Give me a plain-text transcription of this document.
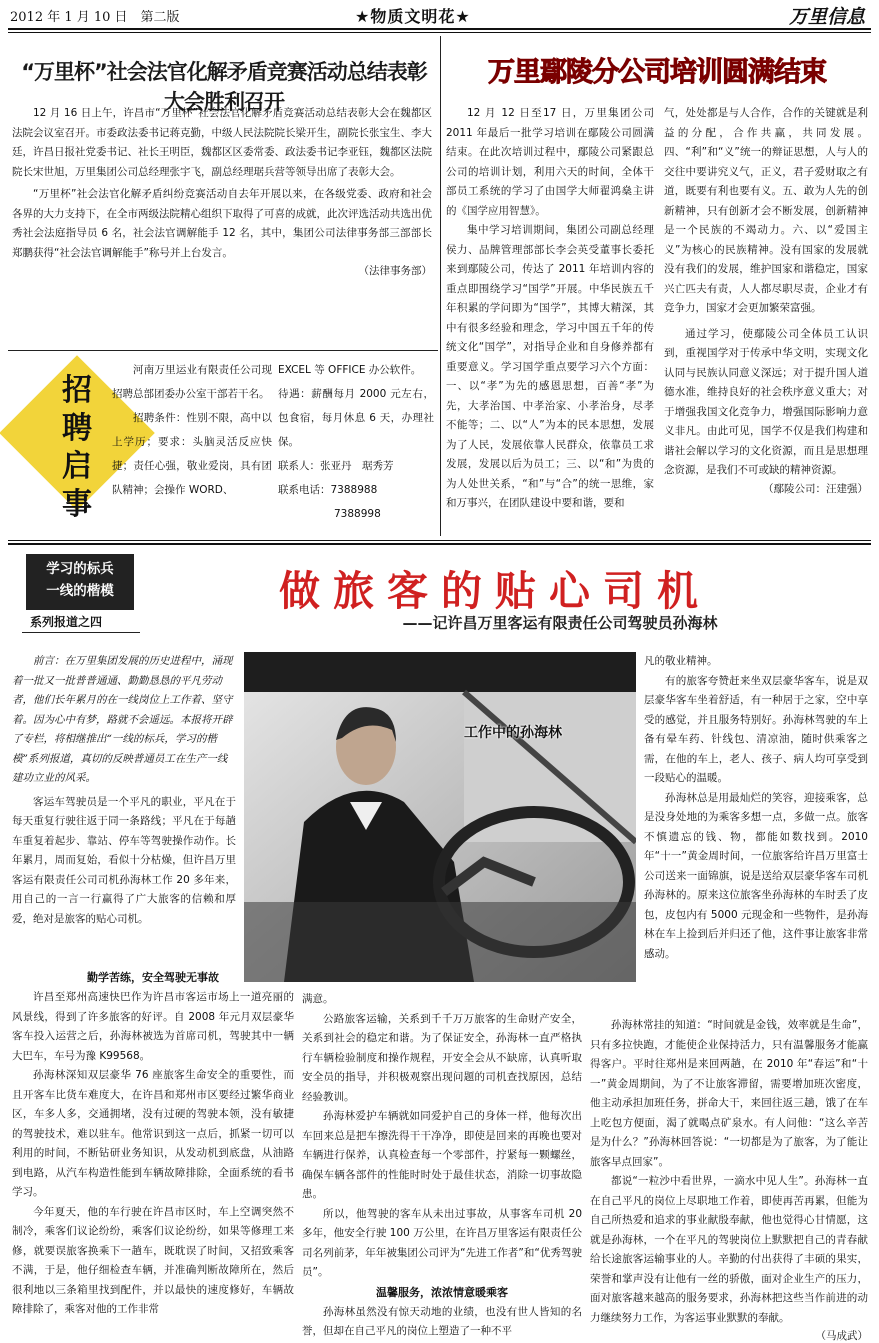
2012 年 1 月 10 日　第二版	★物质文明花★	万里信息
“万里杯”社会法官化解矛盾竞赛活动总结表彰大会胜利召开

12 月 16 日上午，许昌市“万里杯”社会法官化解矛盾竞赛活动总结表彰大会在魏都区法院会议室召开。市委政法委书记蒋克勤，中级人民法院院长梁开生，副院长张宝生、李大廷，许昌日报社党委书记、社长王明臣，魏都区区委常委、政法委书记李亚钰，魏都区法院院长宋世旭，万里集团公司总经理张宇飞，副总经理琚兵营等领导出席了表彰大会。

“万里杯”社会法官化解矛盾纠纷竞赛活动自去年开展以来，在各级党委、政府和社会各界的大力支持下，在全市两级法院精心组织下取得了可喜的成就，此次评选活动共选出优秀社会法庭指导员 6 名，社会法官调解能手 12 名，其中，集团公司法律事务部三部部长郑鹏获得“社会法官调解能手”称号并上台发言。

（法律事务部）
招
聘
启
事

河南万里运业有限责任公司现招聘总部团委办公室干部若干名。

招聘条件：性别不限，高中以上学历；要求：头脑灵活反应快捷；责任心强，敬业爱岗，具有团队精神；会操作 WORD、

EXCEL 等 OFFICE 办公软件。

待遇：薪酬每月 2000 元左右，包食宿，每月休息 6 天，办理社保。

联系人：张亚丹　琚秀芳

联系电话：7388988

7388998

万里鄢陵分公司培训圆满结束

12 月 12 日至17 日，万里集团公司 2011 年最后一批学习培训在鄢陵公司圆满结束。在此次培训过程中，鄢陵公司紧跟总公司的培训计划，利用六天的时间，全体干部员工系统的学习了由国学大师翟鸿燊主讲的《国学应用智慧》。

集中学习培训期间，集团公司副总经理侯力、品牌管理部部长李会英受董事长委托来到鄢陵公司，传达了 2011 年培训内容的重点即围绕学习“国学”开展。中华民族五千年积累的学问即为“国学”，其博大精深，其中有很多经验和理念，学习中国五千年的传统文化“国学”，对指导企业和自身修养都有重要意义。学习国学重点要学习六个方面：一、以“孝”为先的感恩思想，百善“孝”为先，大孝治国、中孝治家、小孝治身，尽孝不能等；二、以“人”为本的民本思想，发展为了人民，发展依靠人民群众，依靠员工求发展，发展以后为员工；三、以“和”为贵的为人处世关系，“和”与“合”的统一思维，家和万事兴，在团队建设中要和谐，要和

气，处处都是与人合作，合作的关键就是利益的分配，合作共赢，共同发展。四、“利”和“义”统一的辩证思想，人与人的交往中要讲究义气，正义，君子爱财取之有道，既要有利也要有义。五、敢为人先的创新精神，只有创新才会不断发展，创新精神是一个民族的不竭动力。六、以“爱国主义”为核心的民族精神。没有国家的发展就没有我们的发展，维护国家和谐稳定，国家兴亡匹夫有责，人人都尽职尽责，企业才有竞争力，国家才会更加繁荣富强。

通过学习，使鄢陵公司全体员工认识到，重视国学对于传承中华文明，实现文化认同与民族认同意义深远；对于提升国人道德水准，维持良好的社会秩序意义重大；对于增强我国文化竞争力，增强国际影响力意义非凡。由此可见，国学不仅是我们构建和谐社会解以学习的文化资源，而且是思想理念资源，是我们不可或缺的精神资源。

（鄢陵公司：汪建强）
学习的标兵
一线的楷模
系列报道之四
做旅客的贴心司机
——记许昌万里客运有限责任公司驾驶员孙海林
工作中的孙海林

前言：在万里集团发展的历史进程中，涌现着一批又一批普普通通、勤勤恳恳的平凡劳动者，他们长年累月的在一线岗位上工作着、坚守着。因为心中有梦，路就不会遥远。本报将开辟了专栏，将相继推出“一线的标兵，学习的楷模”系列报道，真切的反映普通员工在生产一线建功立业的风采。

客运车驾驶员是一个平凡的职业，平凡在于每天重复行驶往返于同一条路线；平凡在于每趟车重复着起步、靠站、停车等驾驶操作动作。长年累月，周而复始，看似十分枯燥，但许昌万里客运有限责任公司司机孙海林工作 20 多年来，用自己的一言一行赢得了广大旅客的信赖和厚爱，绝对是旅客的贴心司机。

凡的敬业精神。

有的旅客夸赞赶来坐双层豪华客车，说是双层豪华客车坐着舒适，有一种居于之家，空中享受的感觉，并且服务特别好。孙海林驾驶的车上备有晕车药、针线包、清凉油，随时供乘客之需，在他的车上，老人、孩子、病人均可享受到一段贴心的温暖。

孙海林总是用最灿烂的笑容，迎接乘客，总是没身处地的为乘客多想一点，多做一点。旅客不慎遗忘的钱、物，都能如数找到。2010 年“十一”黄金周时间，一位旅客给许昌万里富士公司送来一面锦旗，说是送给双层豪华客车司机孙海林的。原来这位旅客坐孙海林的车时丢了皮包，皮包内有 5000 元现金和一些物件，是孙海林在车上捡到后并归还了他，这件事让旅客非常感动。

勤学苦练，安全驾驶无事故

许昌至郑州高速快巴作为许昌市客运市场上一道亮丽的风景线，得到了许多旅客的好评。自 2008 年元月双层豪华客车投入运营之后，孙海林被选为首席司机，驾驶其中一辆大巴车，车号为豫 K99568。

孙海林深知双层豪华 76 座旅客生命安全的重要性，而且开客车比货车难度大，在许昌和郑州市区要经过繁华商业区，车多人多，交通拥堵，没有过硬的驾驶本领，没有敏捷的驾驶技术，难以驻车。他常识到这一点后，抓紧一切可以利用的时间，不断钻研业务知识，从发动机到底盘，从油路到电路，从汽车构造性能到车辆故障排除，全面系统的看书学习。

今年夏天，他的车行驶在许昌市区时，车上空调突然不制冷，乘客们议论纷纷，乘客们议论纷纷，如果等修理工来修，就要误旅客换乘下一趟车，既耽误了时间，又招致乘客不满，于是，他仔细检查车辆，并准确判断故障所在，然后很利地以三条箱里找到配件，并以最快的速度修好，车辆故障排除了，乘客对他的工作非常

满意。

公路旅客运输，关系到千千万万旅客的生命财产安全，关系到社会的稳定和谐。为了保证安全，孙海林一直严格执行车辆检验制度和操作规程，开安全会从不缺席，认真听取安全员的指导，并积极观察出现问题的司机查找原因，总结经验教训。

孙海林爱护车辆就如同爱护自己的身体一样，他每次出车回来总是把车擦洗得干干净净，即使是回来的再晚也要对车辆进行保养，认真检查每一个零部件，拧紧每一颗螺丝，确保车辆各部件的性能时时处于最佳状态，消除一切事故隐患。

所以，他驾驶的客车从未出过事故，从事客车司机 20 多年，他安全行驶 100 万公里，在许昌万里客运有限责任公司名列前茅，年年被集团公司评为“先进工作者”和“优秀驾驶员”。

温馨服务，浓浓情意暖乘客

孙海林虽然没有惊天动地的业绩，也没有世人皆知的名誉，但却在自己平凡的岗位上塑造了一种不平

孙海林常挂的知道：“时间就是金钱，效率就是生命”，只有多拉快跑，才能使企业保持活力，只有温馨服务才能赢得客户。平时往郑州是来回两趟，在 2010 年“春运”和“十一”黄金周期间，为了不让旅客滞留，需要增加班次密度，他主动承担加班任务，拼命大干，来回往返三趟，饿了在车上吃包方便面，渴了就喝点矿泉水。有人问他：“这么辛苦是为什么？”孙海林回答说：“一切都是为了旅客，为了能让旅客早点回家”。

都说“一粒沙中看世界，一滴水中见人生”。孙海林一直在自己平凡的岗位上尽职地工作着，即使再苦再累，但能为自己所热爱和追求的事业献殷奉献，他也觉得心甘情愿，这就是孙海林，一个在平凡的驾驶岗位上默默把自己的青春献给长途旅客运输事业的人。辛勤的付出获得了丰硕的果实，荣誉和掌声没有让他有一丝的骄傲，面对企业生产的压力，面对旅客越来越高的服务要求，孙海林把这些当作前进的动力继续努力工作，为客运事业默默的奉献。

（马成武）
